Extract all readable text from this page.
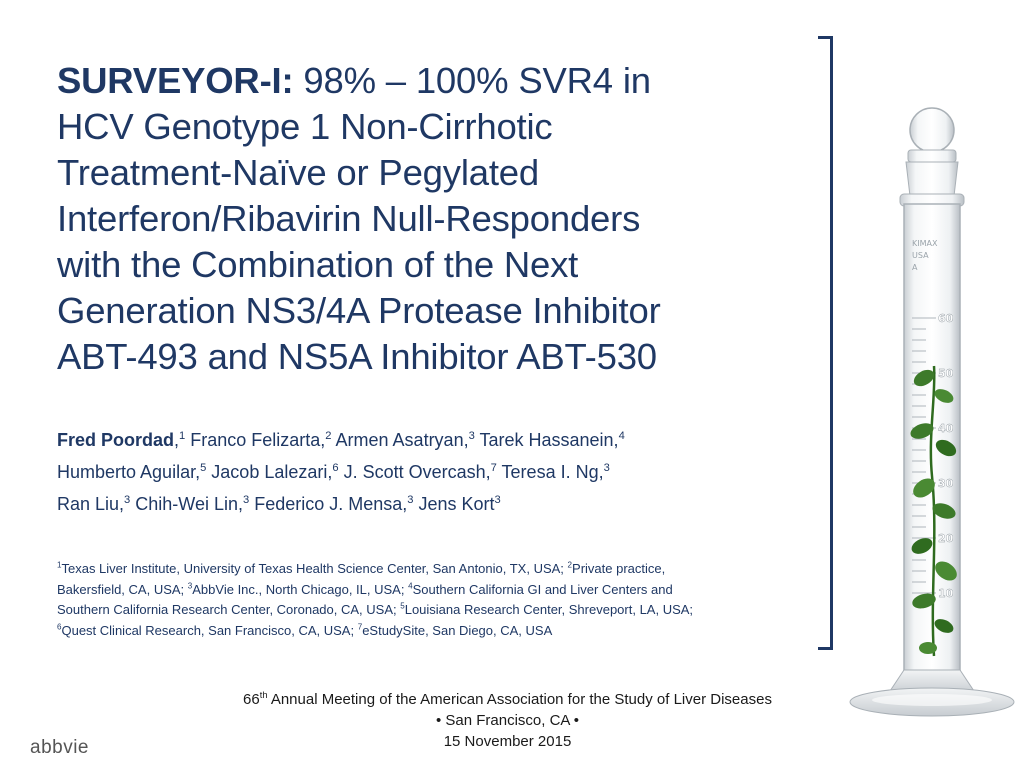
SURVEYOR-I: 98% – 100% SVR4 in
HCV Genotype 1 Non-Cirrhotic
Treatment-Naïve or Pegylated
Interferon/Ribavirin Null-Responders
with the Combination of the Next
Generation NS3/4A Protease Inhibitor
ABT-493 and NS5A Inhibitor ABT-530
Fred Poordad,$^1$ Franco Felizarta,$^2$ Armen Asatryan,$^3$ Tarek Hassanein,$^4$
Humberto Aguilar,$^5$ Jacob Lalezari,$^6$ J. Scott Overcash,$^7$ Teresa I. Ng,$^3$
Ran Liu,$^3$ Chih-Wei Lin,$^3$ Federico J. Mensa,$^3$ Jens Kort$^3$
$^1$Texas Liver Institute, University of Texas Health Science Center, San Antonio, TX, USA; $^2$Private practice,
Bakersfield, CA, USA; $^3$AbbVie Inc., North Chicago, IL, USA; $^4$Southern California GI and Liver Centers and
Southern California Research Center, Coronado, CA, USA; $^5$Louisiana Research Center, Shreveport, LA, USA;
$^6$Quest Clinical Research, San Francisco, CA, USA; $^7$eStudySite, San Diego, CA, USA
66th Annual Meeting of the American Association for the Study of Liver Diseases
• San Francisco, CA •
15 November 2015
abbvie
KIMAX
USA
A
60
50
40
30
20
10
